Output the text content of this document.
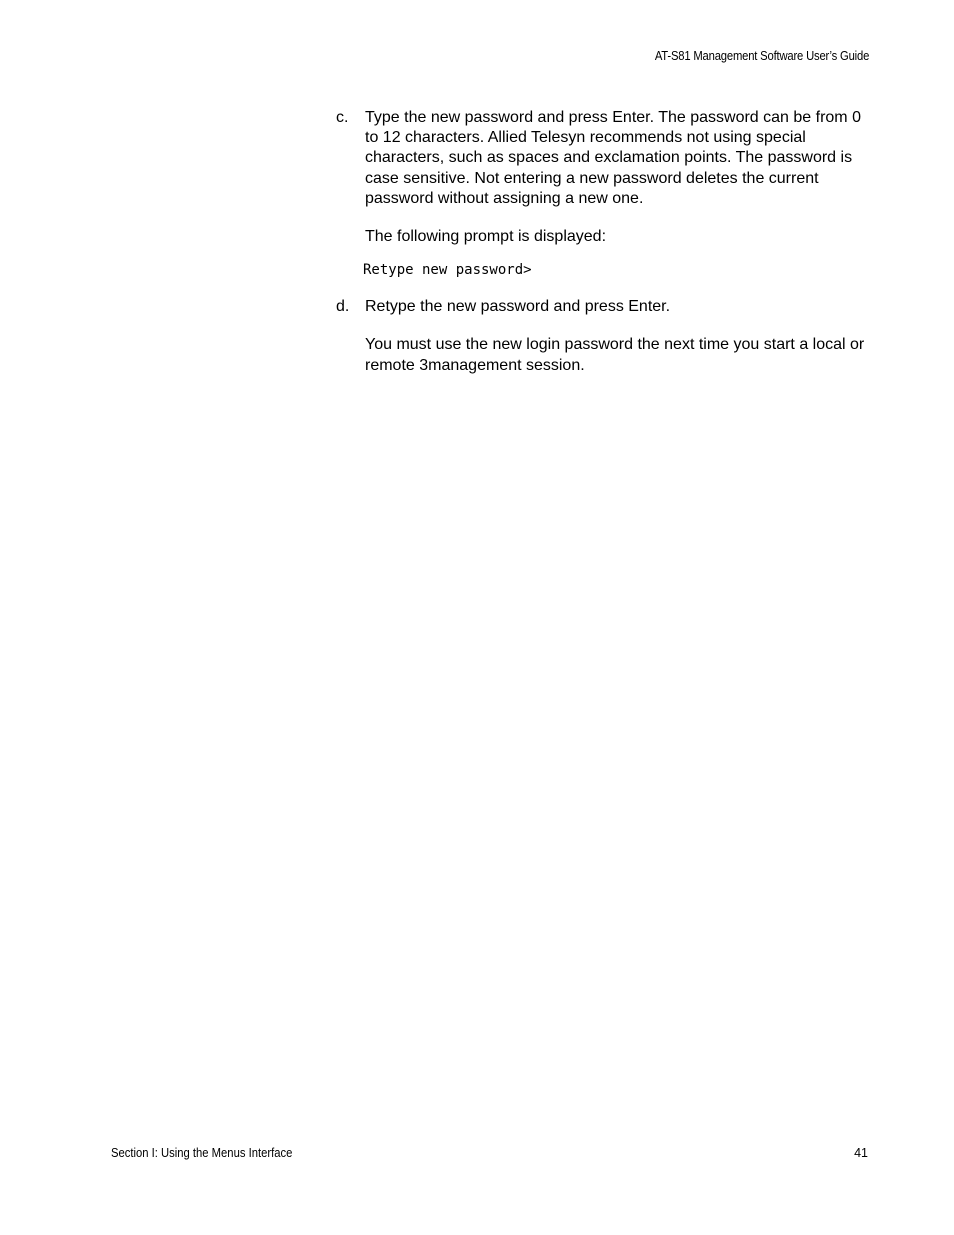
AT-S81 Management Software User’s Guide
c. Type the new password and press Enter. The password can be from 0 to 12 characters. Allied Telesyn recommends not using special characters, such as spaces and exclamation points. The password is case sensitive. Not entering a new password deletes the current password without assigning a new one.

The following prompt is displayed:

Retype new password>
d. Retype the new password and press Enter.

You must use the new login password the next time you start a local or remote 3management session.

Section I: Using the Menus Interface	41
